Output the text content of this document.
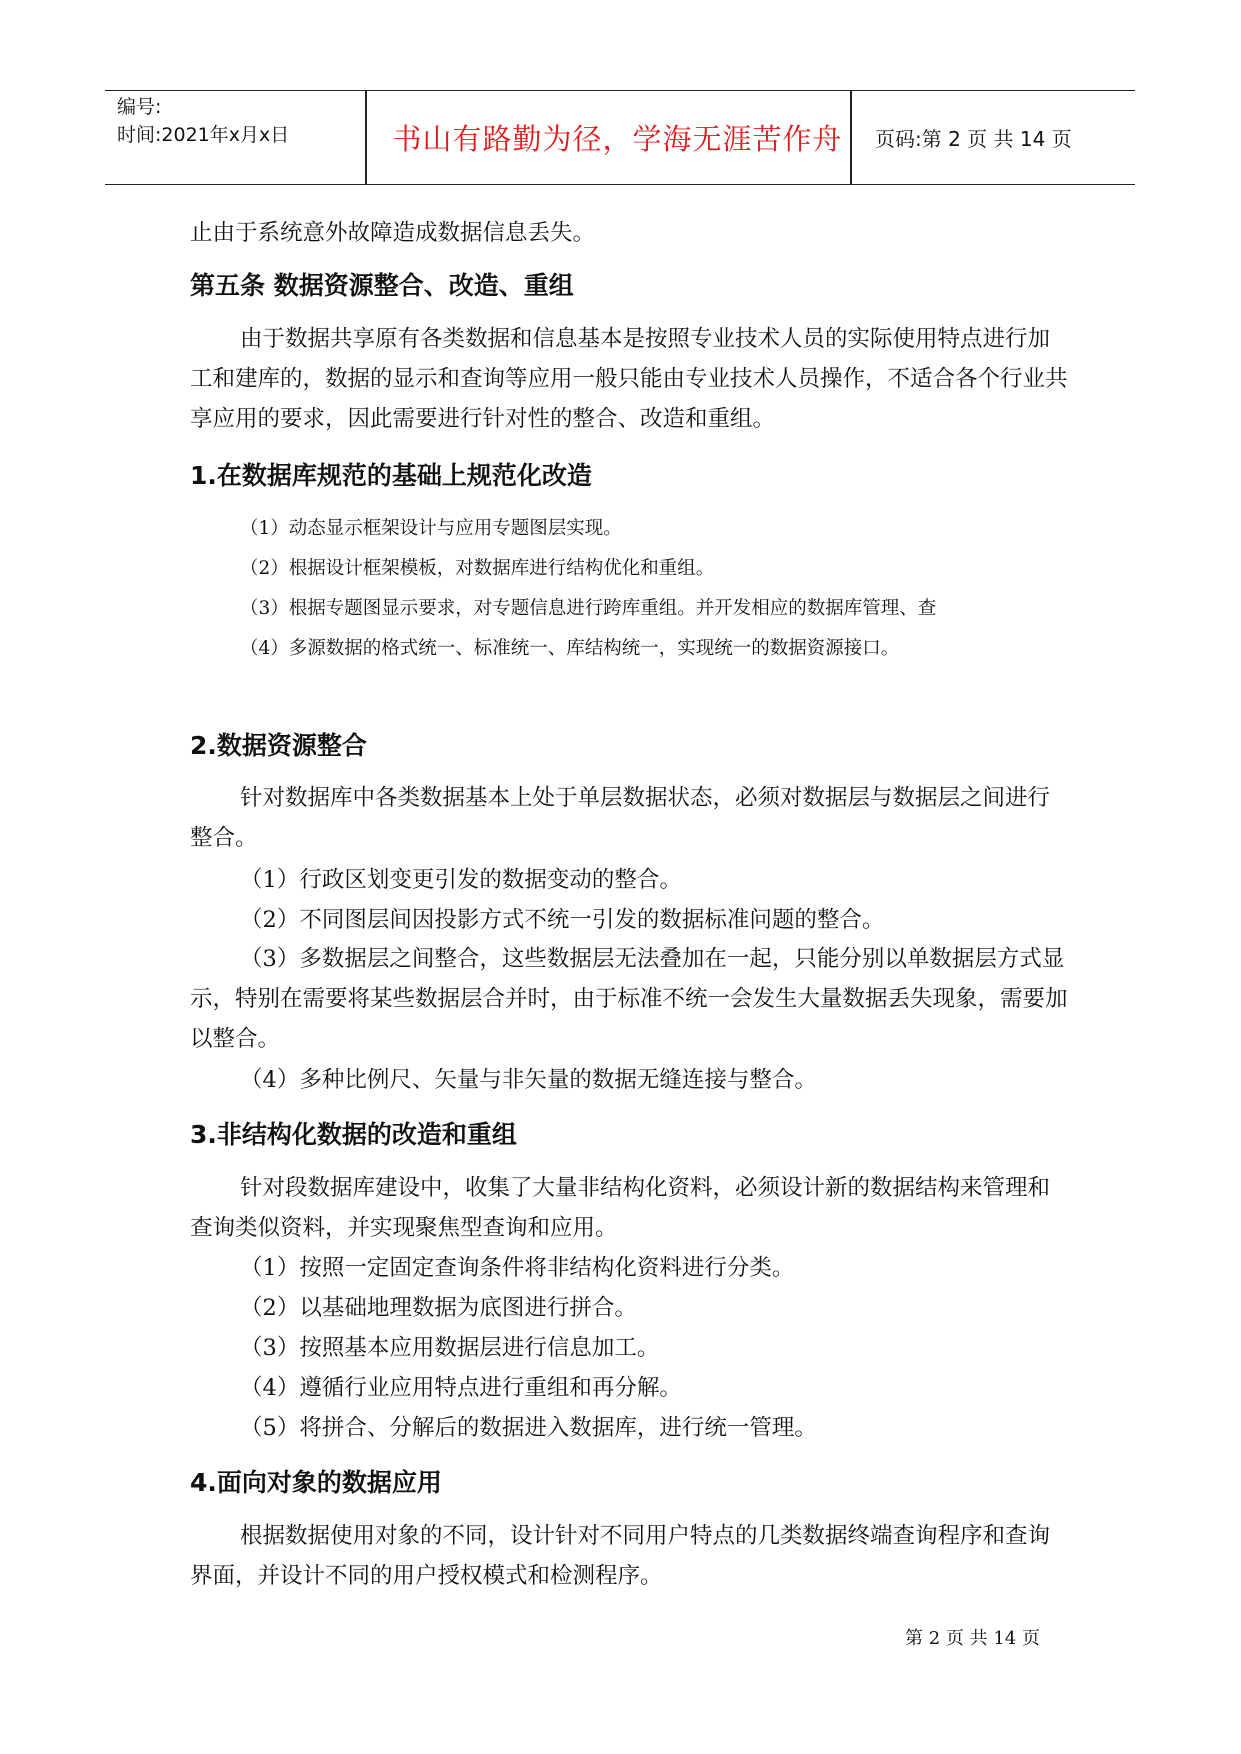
编号:
时间:2021年x月x日	书山有路勤为径，学海无涯苦作舟	页码:第 2 页 共 14 页

止由于系统意外故障造成数据信息丢失。

第五条 数据资源整合、改造、重组

由于数据共享原有各类数据和信息基本是按照专业技术人员的实际使用特点进行加工和建库的，数据的显示和查询等应用一般只能由专业技术人员操作，不适合各个行业共享应用的要求，因此需要进行针对性的整合、改造和重组。

1.在数据库规范的基础上规范化改造

（1）动态显示框架设计与应用专题图层实现。

（2）根据设计框架模板，对数据库进行结构优化和重组。

（3）根据专题图显示要求，对专题信息进行跨库重组。并开发相应的数据库管理、查

（4）多源数据的格式统一、标准统一、库结构统一，实现统一的数据资源接口。

2.数据资源整合

针对数据库中各类数据基本上处于单层数据状态，必须对数据层与数据层之间进行整合。

（1）行政区划变更引发的数据变动的整合。

（2）不同图层间因投影方式不统一引发的数据标准问题的整合。

（3）多数据层之间整合，这些数据层无法叠加在一起，只能分别以单数据层方式显示，特别在需要将某些数据层合并时，由于标准不统一会发生大量数据丢失现象，需要加以整合。

（4）多种比例尺、矢量与非矢量的数据无缝连接与整合。

3.非结构化数据的改造和重组

针对段数据库建设中，收集了大量非结构化资料，必须设计新的数据结构来管理和查询类似资料，并实现聚焦型查询和应用。

（1）按照一定固定查询条件将非结构化资料进行分类。

（2）以基础地理数据为底图进行拼合。

（3）按照基本应用数据层进行信息加工。

（4）遵循行业应用特点进行重组和再分解。

（5）将拼合、分解后的数据进入数据库，进行统一管理。

4.面向对象的数据应用

根据数据使用对象的不同，设计针对不同用户特点的几类数据终端查询程序和查询界面，并设计不同的用户授权模式和检测程序。

第 2 页 共 14 页
